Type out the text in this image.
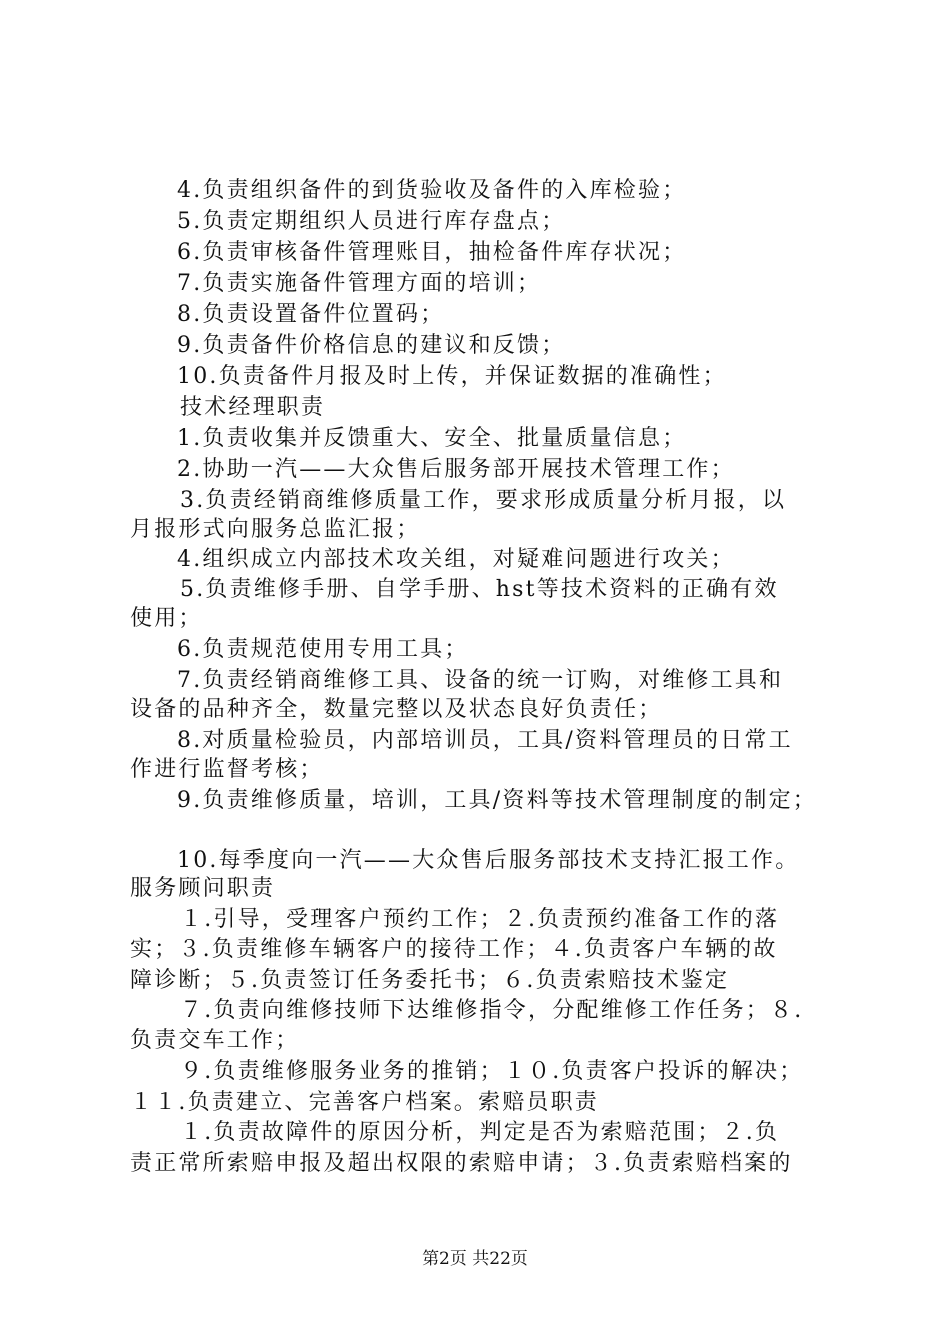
4.负责组织备件的到货验收及备件的入库检验；

5.负责定期组织人员进行库存盘点；

6.负责审核备件管理账目，抽检备件库存状况；

7.负责实施备件管理方面的培训；

8.负责设置备件位置码；

9.负责备件价格信息的建议和反馈；

10.负责备件月报及时上传，并保证数据的准确性；

技术经理职责

1.负责收集并反馈重大、安全、批量质量信息；

2.协助一汽——大众售后服务部开展技术管理工作；

3.负责经销商维修质量工作，要求形成质量分析月报，以

月报形式向服务总监汇报；

4.组织成立内部技术攻关组，对疑难问题进行攻关；

5.负责维修手册、自学手册、hst等技术资料的正确有效

使用；

6.负责规范使用专用工具；

7.负责经销商维修工具、设备的统一订购，对维修工具和

设备的品种齐全，数量完整以及状态良好负责任；

8.对质量检验员，内部培训员，工具/资料管理员的日常工

作进行监督考核；

9.负责维修质量，培训，工具/资料等技术管理制度的制定；

10.每季度向一汽——大众售后服务部技术支持汇报工作。

服务顾问职责

１.引导，受理客户预约工作；２.负责预约准备工作的落

实；３.负责维修车辆客户的接待工作；４.负责客户车辆的故

障诊断；５.负责签订任务委托书；６.负责索赔技术鉴定

７.负责向维修技师下达维修指令，分配维修工作任务；８.

负责交车工作；

９.负责维修服务业务的推销；１０.负责客户投诉的解决；

１１.负责建立、完善客户档案。索赔员职责

１.负责故障件的原因分析，判定是否为索赔范围；２.负

责正常所索赔申报及超出权限的索赔申请；３.负责索赔档案的

第2页 共22页
